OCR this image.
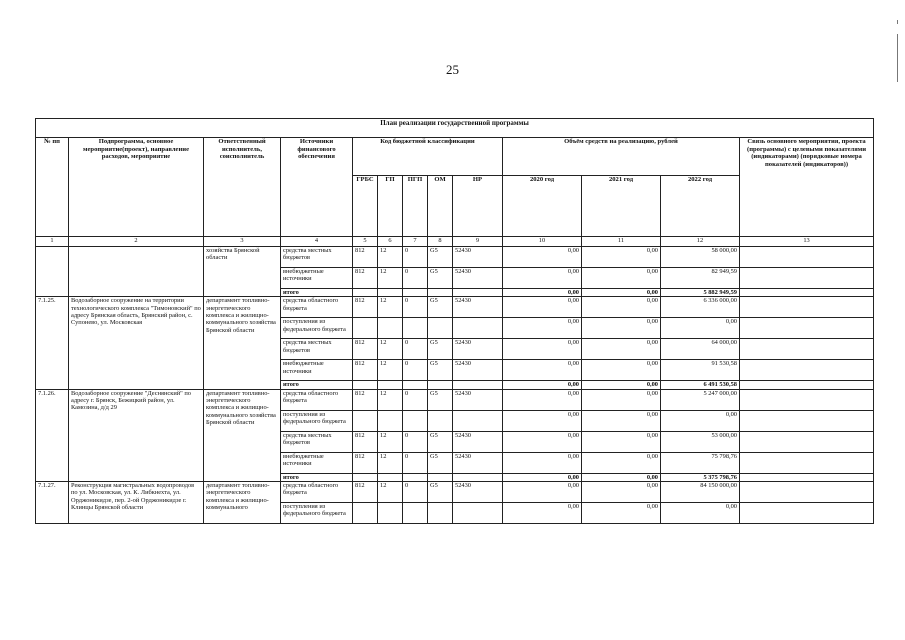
25
План реализации государственной программы												
№ пп	Подпрограмма, основное мероприятие(проект), направление расходов, мероприятие	Ответственный исполнитель, соисполнитель	Источники финансового обеспечения	Код бюджетной классификации					Объём средств на реализацию, рублей			Связь основного мероприятия, проекта (программы) с целевыми показателями (индикаторами) (порядковые номера показателей (индикаторов))
				ГРБС	ГП	ПГП	ОМ	НР	2020 год	2021 год	2022 год	
1	2	3	4	5	6	7	8	9	10	11	12	13
		хозяйства Брянской области	средства местных бюджетов	812	12	0	G5	52430	0,00	0,00	58 000,00	
			внебюджетные источники	812	12	0	G5	52430	0,00	0,00	82 949,59	
			итого						0,00	0,00	5 882 949,59	
7.1.25.	Водозаборное сооружение на территории технологического комплекса "Тимоновский" по адресу Брянская область, Брянский район, с. Супонево, ул. Московская	департамент топливно-энергетического комплекса и жилищно-коммунального хозяйства Брянской области	средства областного бюджета	812	12	0	G5	52430	0,00	0,00	6 336 000,00	
			поступления из федерального бюджета						0,00	0,00	0,00	
			средства местных бюджетов	812	12	0	G5	52430	0,00	0,00	64 000,00	
			внебюджетные источники	812	12	0	G5	52430	0,00	0,00	91 530,58	
			итого						0,00	0,00	6 491 530,58	
7.1.26.	Водозаборное сооружение "Деснянский" по адресу г. Брянск, Бежицкий район, ул. Камозина, д/д 29	департамент топливно-энергетического комплекса и жилищно-коммунального хозяйства Брянской области	средства областного бюджета	812	12	0	G5	52430	0,00	0,00	5 247 000,00	
			поступления из федерального бюджета						0,00	0,00	0,00	
			средства местных бюджетов	812	12	0	G5	52430	0,00	0,00	53 000,00	
			внебюджетные источники	812	12	0	G5	52430	0,00	0,00	75 798,76	
			итого						0,00	0,00	5 375 798,76	
7.1.27.	Реконструкция магистральных водопроводов по ул. Московская, ул. К. Либкнехта, ул. Орджоникидзе, пер. 2-ой Орджоникидзе г. Клинцы Брянской области	департамент топливно-энергетического комплекса и жилищно-коммунального	средства областного бюджета	812	12	0	G5	52430	0,00	0,00	84 150 000,00	
			поступления из федерального бюджета						0,00	0,00	0,00	
